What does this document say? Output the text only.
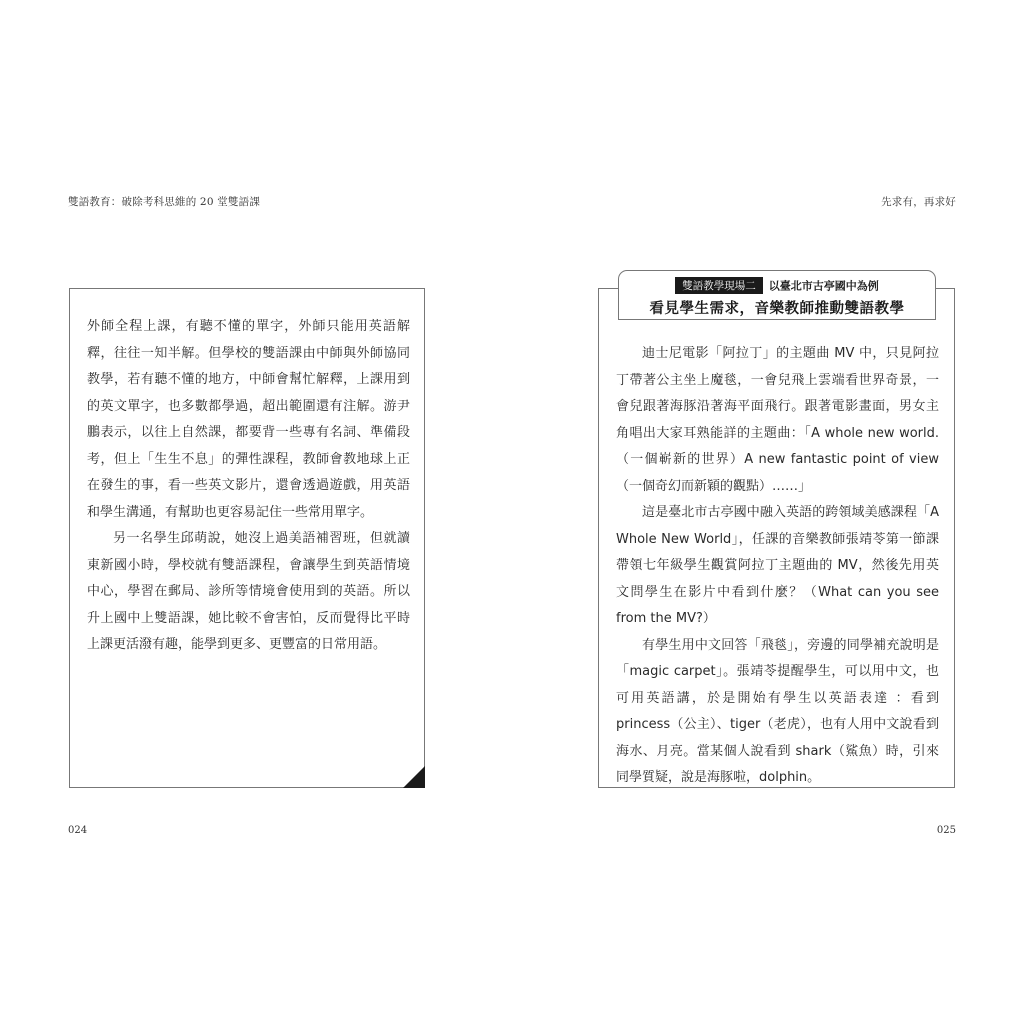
雙語教育：破除考科思維的 20 堂雙語課	先求有，再求好

外師全程上課，有聽不懂的單字，外師只能用英語解釋，往往一知半解。但學校的雙語課由中師與外師協同教學，若有聽不懂的地方，中師會幫忙解釋，上課用到的英文單字，也多數都學過，超出範圍還有注解。游尹鵬表示，以往上自然課，都要背一些專有名詞、準備段考，但上「生生不息」的彈性課程，教師會教地球上正在發生的事，看一些英文影片，還會透過遊戲，用英語和學生溝通，有幫助也更容易記住一些常用單字。

另一名學生邱萌說，她沒上過美語補習班，但就讀東新國小時，學校就有雙語課程，會讓學生到英語情境中心，學習在郵局、診所等情境會使用到的英語。所以升上國中上雙語課，她比較不會害怕，反而覺得比平時上課更活潑有趣，能學到更多、更豐富的日常用語。

雙語教學現場二 以臺北市古亭國中為例
看見學生需求，音樂教師推動雙語教學

迪士尼電影「阿拉丁」的主題曲 MV 中，只見阿拉丁帶著公主坐上魔毯，一會兒飛上雲端看世界奇景，一會兒跟著海豚沿著海平面飛行。跟著電影畫面，男女主角唱出大家耳熟能詳的主題曲：「A whole new world.（一個嶄新的世界）A new fantastic point of view（一個奇幻而新穎的觀點）……」

這是臺北市古亭國中融入英語的跨領域美感課程「A Whole New World」，任課的音樂教師張靖苓第一節課帶領七年級學生觀賞阿拉丁主題曲的 MV，然後先用英文問學生在影片中看到什麼？（What can you see from the MV?）

有學生用中文回答「飛毯」，旁邊的同學補充說明是「magic carpet」。張靖苓提醒學生，可以用中文，也可用英語講，於是開始有學生以英語表達 ：看到 princess（公主）、tiger（老虎），也有人用中文說看到海水、月亮。當某個人說看到 shark（鯊魚）時，引來同學質疑，說是海豚啦，dolphin。

024	025
